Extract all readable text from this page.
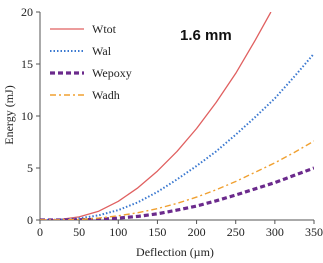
0	50 100 150 200 250 300 350
0
5
10
15
20
Wtot
Wal
Wepoxy
Wadh
1.6 mm
Deflection (µm)
Energy (mJ)
